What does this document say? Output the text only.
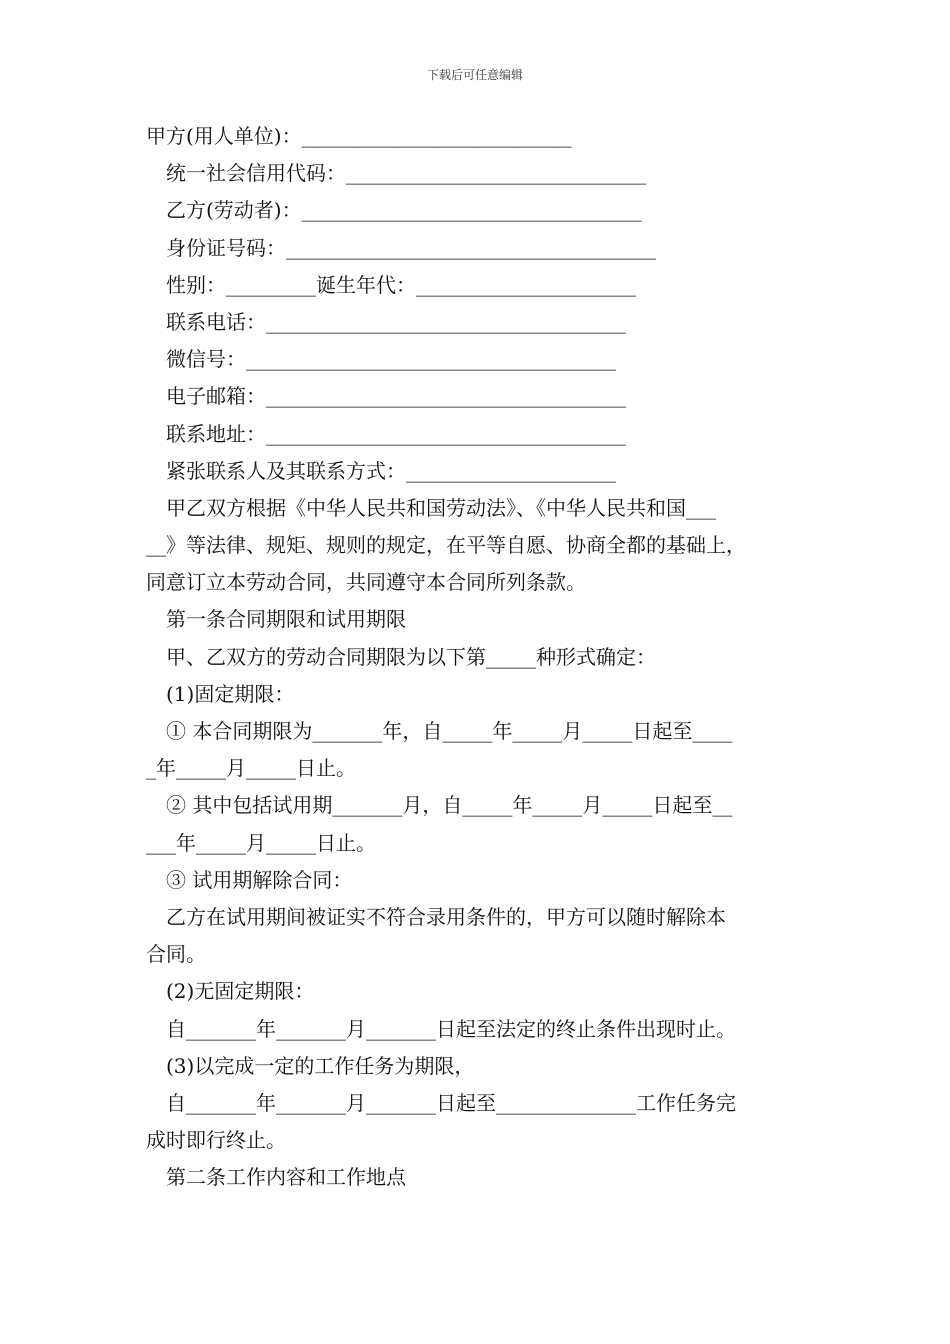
下载后可任意编辑
甲方(用人单位)：___________________________
统一社会信用代码：______________________________
乙方(劳动者)：__________________________________
身份证号码：_____________________________________
性别：_________诞生年代：______________________
联系电话：____________________________________
微信号：_____________________________________
电子邮箱：____________________________________
联系地址：____________________________________
紧张联系人及其联系方式：_____________________
甲乙双方根据《中华人民共和国劳动法》、《中华人民共和国___
__》等法律、规矩、规则的规定，在平等自愿、协商全都的基础上，
同意订立本劳动合同，共同遵守本合同所列条款。
第一条合同期限和试用期限
甲、乙双方的劳动合同期限为以下第_____种形式确定：
(1)固定期限：
① 本合同期限为_______年，自_____年_____月_____日起至____
_年_____月_____日止。
② 其中包括试用期_______月，自_____年_____月_____日起至__
___年_____月_____日止。
③ 试用期解除合同：
乙方在试用期间被证实不符合录用条件的，甲方可以随时解除本
合同。
(2)无固定期限：
自_______年_______月_______日起至法定的终止条件出现时止。
(3)以完成一定的工作任务为期限，
自_______年_______月_______日起至______________工作任务完
成时即行终止。
第二条工作内容和工作地点
